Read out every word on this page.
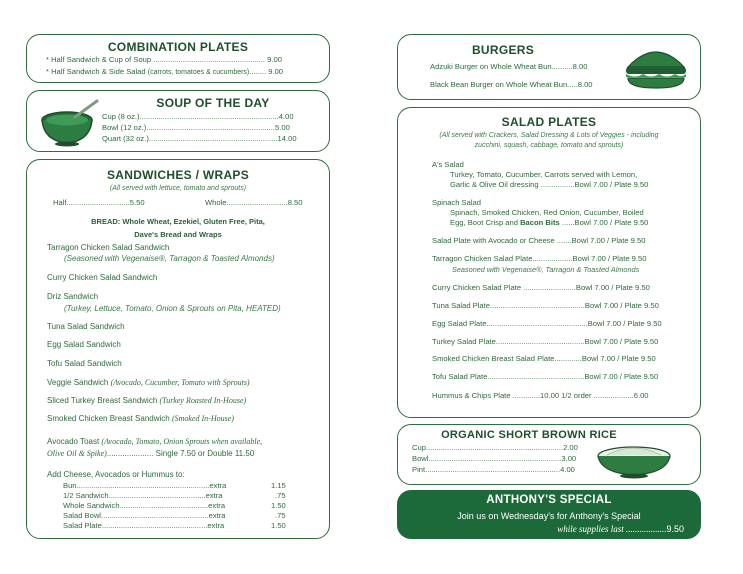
COMBINATION PLATES
* Half Sandwich & Cup of Soup ..................................................... 9.00
* Half Sandwich & Side Salad (carrots, tomatoes & cucumbers)........ 9.00
SOUP OF THE DAY
Cup (8 oz.)..................................................................4.00
Bowl (12 oz.).............................................................5.00
Quart (32 oz.).............................................................14.00
SANDWICHES / WRAPS
(All served with lettuce, tomato and sprouts)
Half..............................5.50	Whole.............................8.50
BREAD: Whole Wheat, Ezekiel, Gluten Free, Pita,
Dave's Bread and Wraps
Tarragon Chicken Salad Sandwich
(Seasoned with Vegenaise®, Tarragon & Toasted Almonds)
Curry Chicken Salad Sandwich
Driz Sandwich
(Turkey, Lettuce, Tomato, Onion & Sprouts on Pita, HEATED)
Tuna Salad Sandwich
Egg Salad Sandwich
Tofu Salad Sandwich
Veggie Sandwich (Avocado, Cucumber, Tomato with Sprouts)
Sliced Turkey Breast Sandwich (Turkey Roasted In-House)
Smoked Chicken Breast Sandwich (Smoked In-House)
Avocado Toast (Avocado, Tomato, Onion Sprouts when available,
Olive Oil & Spike)..................... Single 7.50 or Double 11.50
Add Cheese, Avocados or Hummus to:
Bun...............................................................extra	1.15
1/2 Sandwich..............................................extra	.75
Whole Sandwich..........................................extra	1.50
Salad Bowl...................................................extra	.75
Salad Plate..................................................extra	1.50
BURGERS
Adzuki Burger on Whole Wheat Bun..........8.00
Black Bean Burger on Whole Wheat Bun.....8.00
SALAD PLATES
(All served with Crackers, Salad Dressing & Lots of Veggies - including
zucchini, squash, cabbage, tomato and sprouts)
A's Salad
Turkey, Tomato, Cucumber, Carrots served with Lemon,
Garlic & Olive Oil dressing ................Bowl 7.00 / Plate 9.50
Spinach Salad
Spinach, Smoked Chicken, Red Onion, Cucumber, Boiled
Egg, Boot Crisp and Bacon Bits ......Bowl 7.00 / Plate 9.50
Salad Plate with Avocado or Cheese .......Bowl 7.00 / Plate 9.50
Tarragon Chicken Salad Plate...................Bowl 7.00 / Plate 9.50
Seasoned with Vegenaise®, Tarragon & Toasted Almonds
Curry Chicken Salad Plate .........................Bowl 7.00 / Plate 9.50
Tuna Salad Plate.............................................Bowl 7.00 / Plate 9.50
Egg Salad Plate................................................Bowl 7.00 / Plate 9.50
Turkey Salad Plate..........................................Bowl 7.00 / Plate 9.50
Smoked Chicken Breast Salad Plate.............Bowl 7.00 / Plate 9.50
Tofu Salad Plate..............................................Bowl 7.00 / Plate 9.50
Hummus & Chips Plate .............10.00 1/2 order ...................6.00
ORGANIC SHORT BROWN RICE
Cup.................................................................2.00
Bowl...............................................................3.00
Pint................................................................4.00
ANTHONY'S SPECIAL
Join us on Wednesday's for Anthony's Special
while supplies last ..................9.50
